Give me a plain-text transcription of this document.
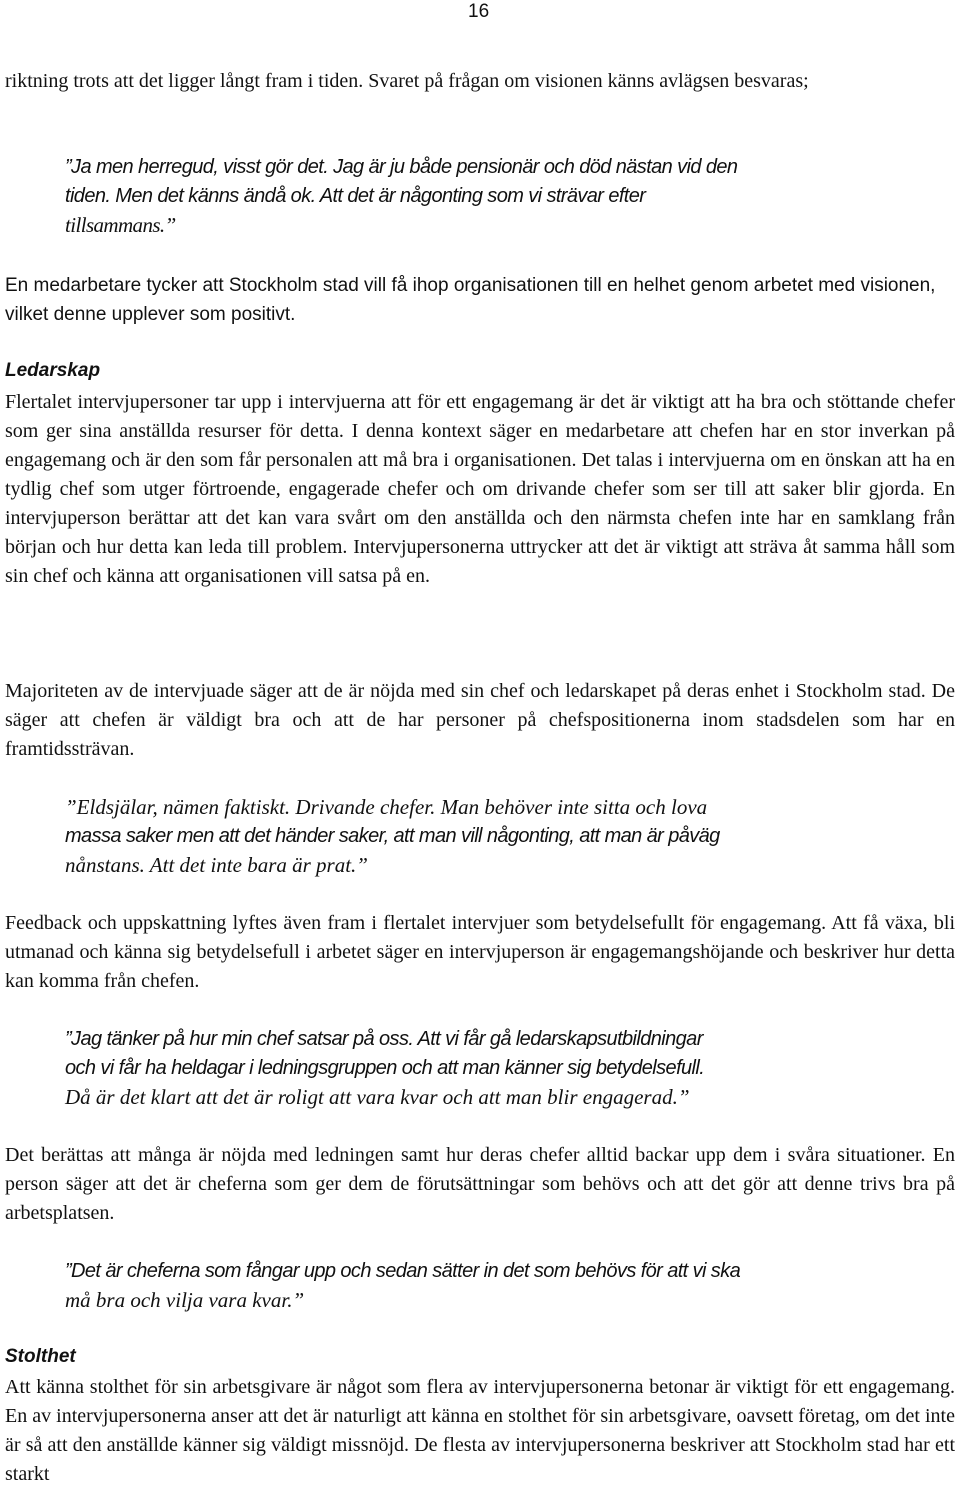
16

riktning trots att det ligger långt fram i tiden. Svaret på frågan om visionen känns avlägsen besvaras;

”Ja men herregud, visst gör det. Jag är ju både pensionär och död nästan vid den
tiden. Men det känns ändå ok. Att det är någonting som vi strävar efter
tillsammans.”

En medarbetare tycker att Stockholm stad vill få ihop organisationen till en helhet genom arbetet med visionen, vilket denne upplever som positivt.

Ledarskap

Flertalet intervjupersoner tar upp i intervjuerna att för ett engagemang är det är viktigt att ha bra och stöttande chefer som ger sina anställda resurser för detta. I denna kontext säger en medarbetare att chefen har en stor inverkan på engagemang och är den som får personalen att må bra i organisationen. Det talas i intervjuerna om en önskan att ha en tydlig chef som utger förtroende, engagerade chefer och om drivande chefer som ser till att saker blir gjorda. En intervjuperson berättar att det kan vara svårt om den anställda och den närmsta chefen inte har en samklang från början och hur detta kan leda till problem. Intervjupersonerna uttrycker att det är viktigt att sträva åt samma håll som sin chef och känna att organisationen vill satsa på en.

Majoriteten av de intervjuade säger att de är nöjda med sin chef och ledarskapet på deras enhet i Stockholm stad. De säger att chefen är väldigt bra och att de har personer på chefspositionerna inom stadsdelen som har en framtidssträvan.

”Eldsjälar, nämen faktiskt. Drivande chefer. Man behöver inte sitta och lova
massa saker men att det händer saker, att man vill någonting, att man är påväg
nånstans. Att det inte bara är prat.”

Feedback och uppskattning lyftes även fram i flertalet intervjuer som betydelsefullt för engagemang. Att få växa, bli utmanad och känna sig betydelsefull i arbetet säger en intervjuperson är engagemangshöjande och beskriver hur detta kan komma från chefen.

”Jag tänker på hur min chef satsar på oss. Att vi får gå ledarskapsutbildningar
och vi får ha heldagar i ledningsgruppen och att man känner sig betydelsefull.
Då är det klart att det är roligt att vara kvar och att man blir engagerad.”

Det berättas att många är nöjda med ledningen samt hur deras chefer alltid backar upp dem i svåra situationer. En person säger att det är cheferna som ger dem de förutsättningar som behövs och att det gör att denne trivs bra på arbetsplatsen.

”Det är cheferna som fångar upp och sedan sätter in det som behövs för att vi ska
må bra och vilja vara kvar.”
Stolthet

Att känna stolthet för sin arbetsgivare är något som flera av intervjupersonerna betonar är viktigt för ett engagemang. En av intervjupersonerna anser att det är naturligt att känna en stolthet för sin arbetsgivare, oavsett företag, om det inte är så att den anställde känner sig väldigt missnöjd. De flesta av intervjupersonerna beskriver att Stockholm stad har ett starkt
